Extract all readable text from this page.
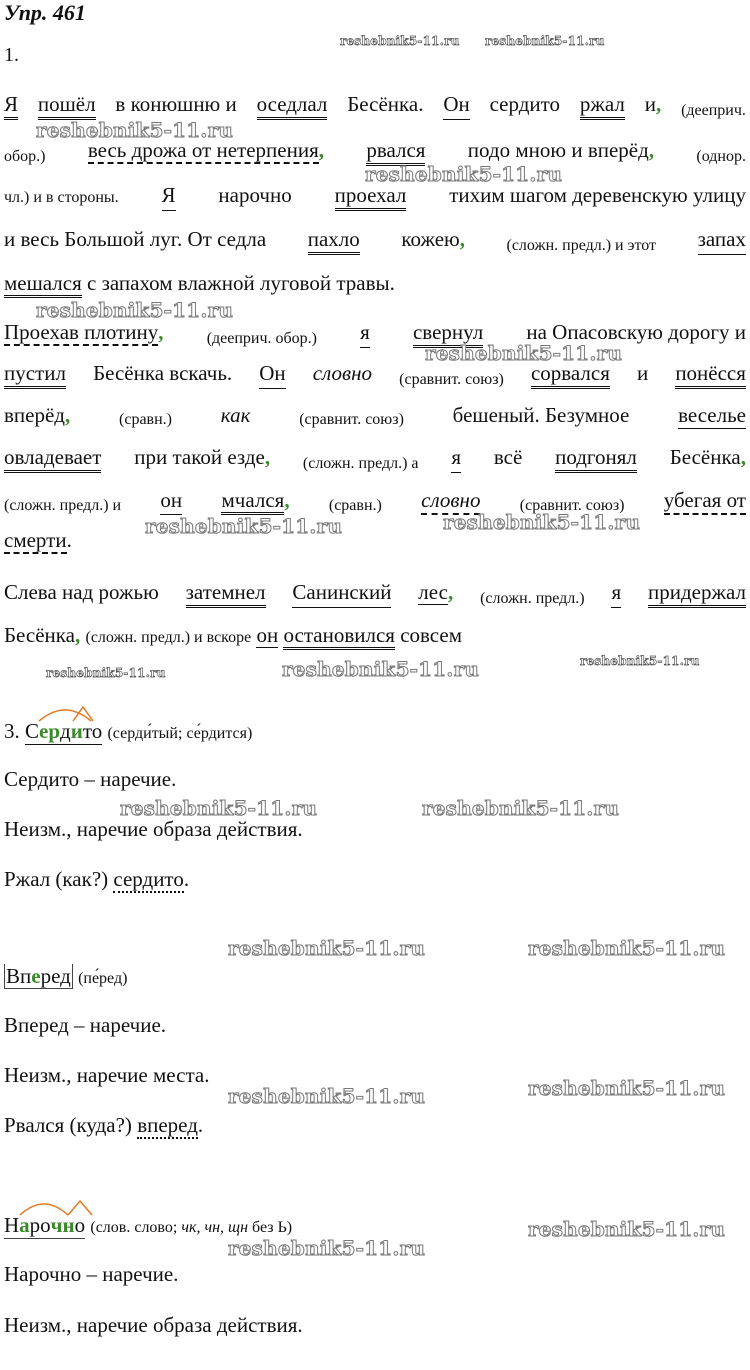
Упр. 461
reshebnik5-11.ru reshebnik5-11.ru
1.
Я пошёл в конюшню и оседлал Бесёнка. Он сердито ржал и, (дееприч.
reshebnik5-11.ru
обор.) весь дрожа от нетерпения, рвался подо мною и вперёд,	(однор.
reshebnik5-11.ru
чл.) и в стороны. Я нарочно проехал тихим шагом деревенскую улицу
и весь Большой луг. От седла пахло кожею,	(сложн. предл.) и этот запах
мешался с запахом влажной луговой травы.
reshebnik5-11.ru
Проехав плотину,	(дееприч. обор.) я свернул на Опасовскую дорогу и
reshebnik5-11.ru
пустил Бесёнка вскачь. Он словно (сравнит. союз) сорвался и понёсся
вперёд,	(сравн.) как	(сравнит. союз) бешеный. Безумное веселье
овладевает при такой езде, (сложн. предл.) а я всё подгонял Бесёнка,
(сложн. предл.) и он мчался, (сравн.) словно (сравнит. союз) убегая от
reshebnik5-11.ru	reshebnik5-11.ru
смерти.
Слева над рожью затемнел Санинский лес, (сложн. предл.) я придержал
Бесёнка, (сложн. предл.) и вскоре он остановился совсем
reshebnik5-11.ru	reshebnik5-11.ru	reshebnik5-11.ru
3. Сердито (серди́тый; се́рдится)
Сердито – наречие.
reshebnik5-11.ru	reshebnik5-11.ru
Неизм., наречие образа действия.
Ржал (как?) сердито.
reshebnik5-11.ru	reshebnik5-11.ru
Вперед (пе́ред)
Вперед – наречие.
Неизм., наречие места.
reshebnik5-11.ru	reshebnik5-11.ru
Рвался (куда?) вперед.
Нарочно (слов. слово; чк, чн, щн без Ь)	reshebnik5-11.ru
reshebnik5-11.ru
Нарочно – наречие.
Неизм., наречие образа действия.
